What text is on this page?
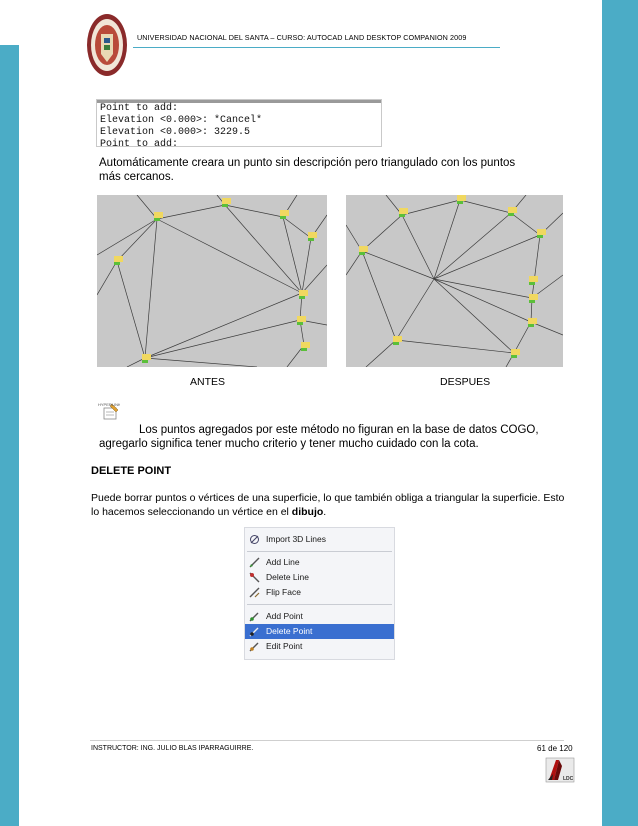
UNIVERSIDAD NACIONAL DEL SANTA – CURSO: AUTOCAD LAND DESKTOP COMPANION 2009
Point to add:
Elevation <0.000>: *Cancel*
Elevation <0.000>: 3229.5
Point to add:
Automáticamente creara un punto sin descripción pero triangulado con los puntos más cercanos.
ANTES	DESPUES
HYPERLINK
Los puntos agregados por este método no figuran en la base de datos COGO,
agregarlo significa tener mucho criterio y tener mucho cuidado con la cota.
DELETE POINT
Puede borrar puntos o vértices de una superficie, lo que también obliga a triangular la superficie. Esto lo hacemos seleccionando un vértice en el dibujo.
Import 3D Lines
Add Line
Delete Line
Flip Face
Add Point
Delete Point
Edit Point
INSTRUCTOR: ING. JULIO BLAS IPARRAGUIRRE.	61 de 120
LDC
